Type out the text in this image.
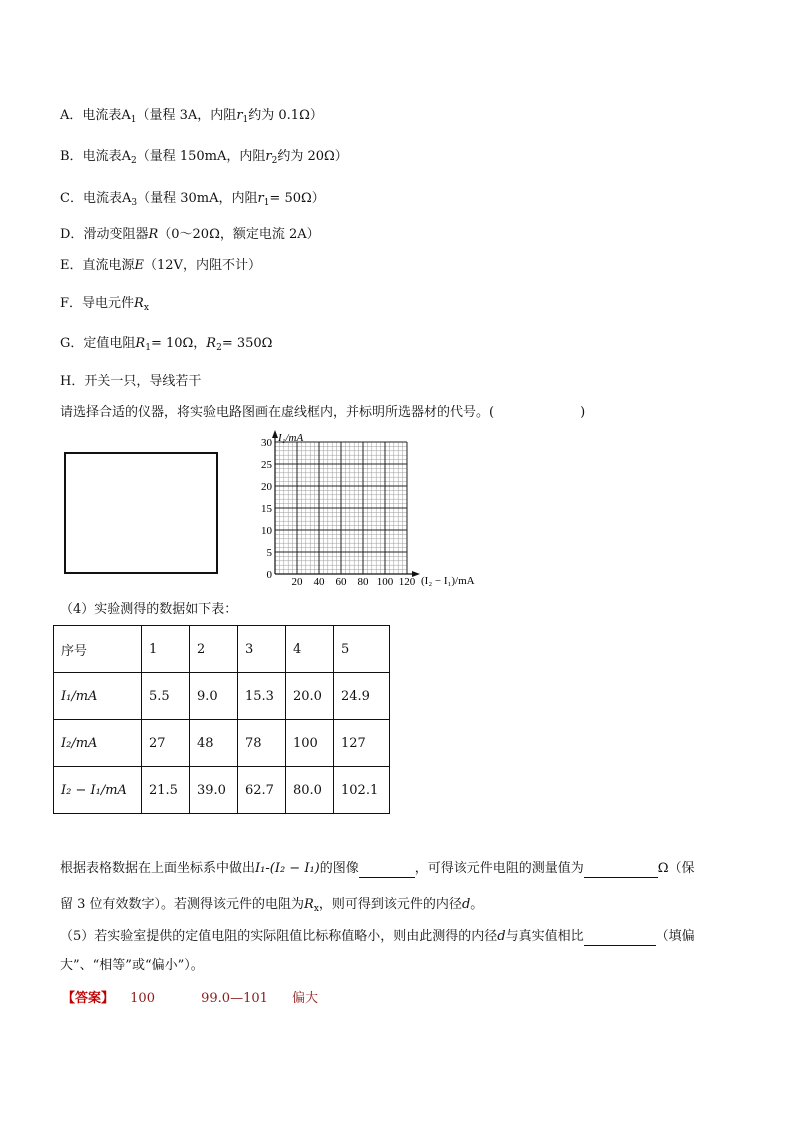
A．电流表$A_1$（量程 3A，内阻$r_1$约为 0.1Ω）
B．电流表$A_2$（量程 150mA，内阻$r_2$约为 20Ω）
C．电流表$A_3$（量程 30mA，内阻$r_1= 50\Omega$）
D．滑动变阻器R（0～20Ω，额定电流 2A）
E．直流电源E（12V，内阻不计）
F．导电元件$R_x$
G．定值电阻$R_1= 10\Omega$，$R_2= 350\Omega$
H．开关一只，导线若干
请选择合适的仪器，将实验电路图画在虚线框内，并标明所选器材的代号。(	)
I₁/mA
(I₂ − I₁)/mA
0
30
25
20
15
10
5
20 40 60 80 100 120
（4）实验测得的数据如下表：
序号	1	2	3	4	5
I₁/mA	5.5	9.0	15.3	20.0	24.9
I₂/mA	27	48	78	100	127
I₂ − I₁/mA	21.5	39.0	62.7	80.0	102.1
根据表格数据在上面坐标系中做出I₁-(I₂ − I₁)的图像	，可得该元件电阻的测量值为	Ω（保
留 3 位有效数字）。若测得该元件的电阻为$R_x$，则可得到该元件的内径d。
（5）若实验室提供的定值电阻的实际阻值比标称值略小，则由此测得的内径d与真实值相比	（填偏
大”、“相等”或“偏小”）。
【答案】 100	99.0—101 偏大
